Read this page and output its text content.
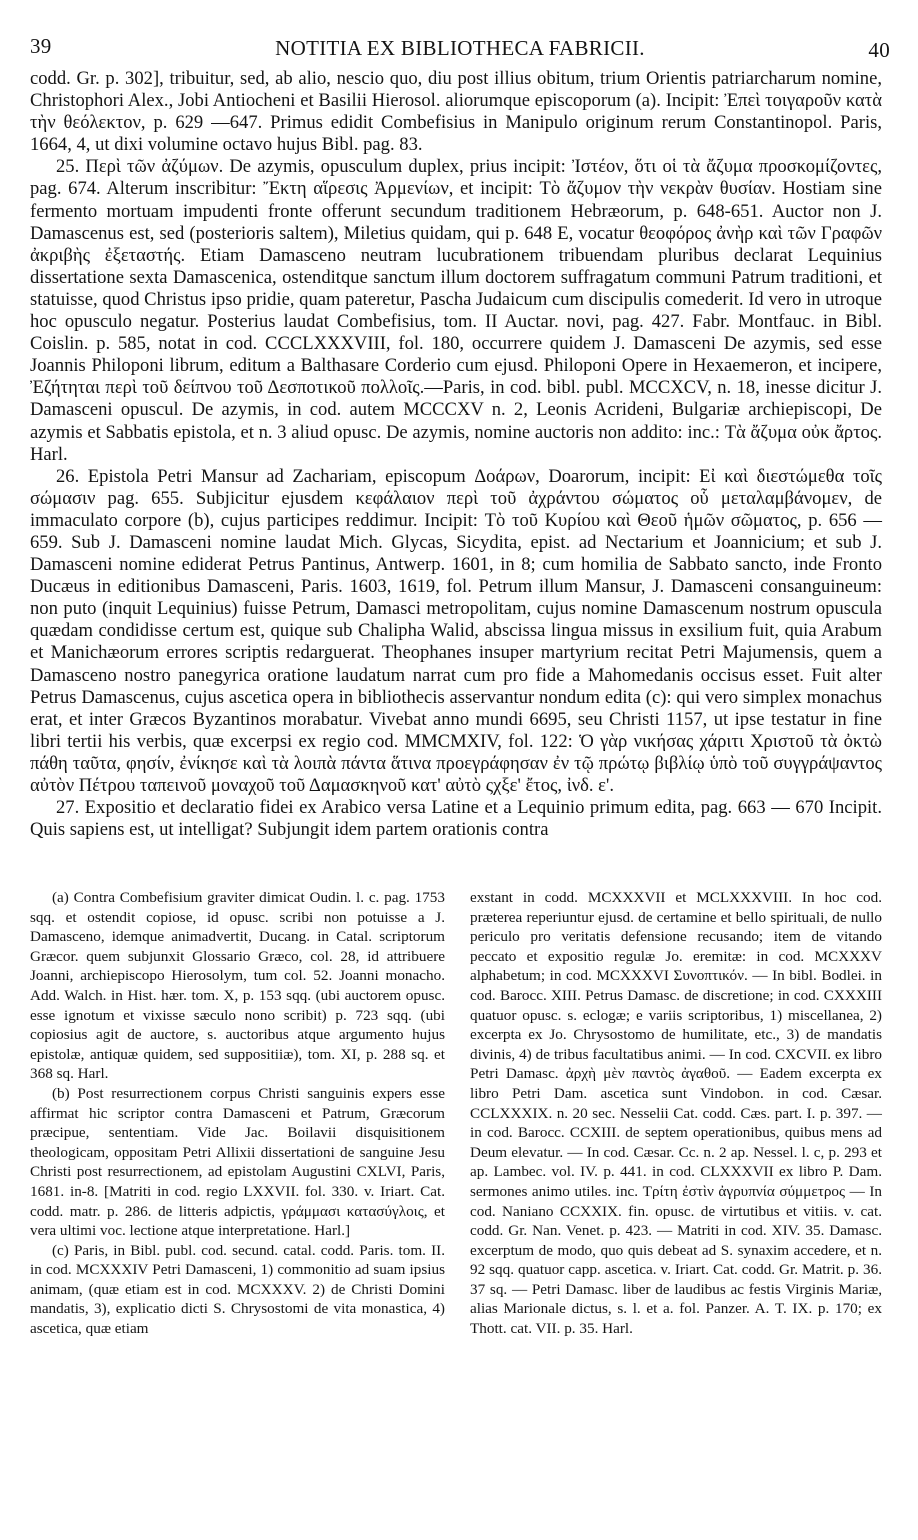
39	NOTITIA EX BIBLIOTHECA FABRICII.	40

codd. Gr. p. 302], tribuitur, sed, ab alio, nescio quo, diu post illius obitum, trium Orientis patriarcharum nomine, Christophori Alex., Jobi Antiocheni et Basilii Hierosol. aliorumque episcoporum (a). Incipit: Ἐπεὶ τοιγαροῦν κατὰ τὴν θεόλεκτον, p. 629 —647. Primus edidit Combefisius in Manipulo originum rerum Constantinopol. Paris, 1664, 4, ut dixi volumine octavo hujus Bibl. pag. 83.

25. Περὶ τῶν ἀζύμων. De azymis, opusculum duplex, prius incipit: Ἰστέον, ὅτι οἱ τὰ ἄζυμα προσκομίζοντες, pag. 674. Alterum inscribitur: Ἔκτη αἵρεσις Ἀρμενίων, et incipit: Τὸ ἄζυμον τὴν νεκρὰν θυσίαν. Hostiam sine fermento mortuam impudenti fronte offerunt secundum traditionem Hebræorum, p. 648-651. Auctor non J. Damascenus est, sed (posterioris saltem), Miletius quidam, qui p. 648 E, vocatur θεοφόρος ἀνὴρ καὶ τῶν Γραφῶν ἀκριβὴς ἐξεταστής. Etiam Damasceno neutram lucubrationem tribuendam pluribus declarat Lequinius dissertatione sexta Damascenica, ostenditque sanctum illum doctorem suffragatum communi Patrum traditioni, et statuisse, quod Christus ipso pridie, quam pateretur, Pascha Judaicum cum discipulis comederit. Id vero in utroque hoc opusculo negatur. Posterius laudat Combefisius, tom. II Auctar. novi, pag. 427. Fabr. Montfauc. in Bibl. Coislin. p. 585, notat in cod. CCCLXXXVIII, fol. 180, occurrere quidem J. Damasceni De azymis, sed esse Joannis Philoponi librum, editum a Balthasare Corderio cum ejusd. Philoponi Opere in Hexaemeron, et incipere, Ἐζήτηται περὶ τοῦ δείπνου τοῦ Δεσποτικοῦ πολλοῖς.—Paris, in cod. bibl. publ. MCCXCV, n. 18, inesse dicitur J. Damasceni opuscul. De azymis, in cod. autem MCCCXV n. 2, Leonis Acrideni, Bulgariæ archiepiscopi, De azymis et Sabbatis epistola, et n. 3 aliud opusc. De azymis, nomine auctoris non addito: inc.: Τὰ ἄζυμα οὐκ ἄρτος. Harl.

26. Epistola Petri Mansur ad Zachariam, episcopum Δοάρων, Doarorum, incipit: Εἰ καὶ διεστώμεθα τοῖς σώμασιν pag. 655. Subjicitur ejusdem κεφάλαιον περὶ τοῦ ἀχράντου σώματος οὗ μεταλαμβάνομεν, de immaculato corpore (b), cujus participes reddimur. Incipit: Τὸ τοῦ Κυρίου καὶ Θεοῦ ἡμῶν σῶματος, p. 656 — 659. Sub J. Damasceni nomine laudat Mich. Glycas, Sicydita, epist. ad Nectarium et Joannicium; et sub J. Damasceni nomine ediderat Petrus Pantinus, Antwerp. 1601, in 8; cum homilia de Sabbato sancto, inde Fronto Ducæus in editionibus Damasceni, Paris. 1603, 1619, fol. Petrum illum Mansur, J. Damasceni consanguineum: non puto (inquit Lequinius) fuisse Petrum, Damasci metropolitam, cujus nomine Damascenum nostrum opuscula quædam condidisse certum est, quique sub Chalipha Walid, abscissa lingua missus in exsilium fuit, quia Arabum et Manichæorum errores scriptis redarguerat. Theophanes insuper martyrium recitat Petri Majumensis, quem a Damasceno nostro panegyrica oratione laudatum narrat cum pro fide a Mahomedanis occisus esset. Fuit alter Petrus Damascenus, cujus ascetica opera in bibliothecis asservantur nondum edita (c): qui vero simplex monachus erat, et inter Græcos Byzantinos morabatur. Vivebat anno mundi 6695, seu Christi 1157, ut ipse testatur in fine libri tertii his verbis, quæ excerpsi ex regio cod. MMCMXIV, fol. 122: Ὁ γὰρ νικήσας χάριτι Χριστοῦ τὰ ὀκτὼ πάθη ταῦτα, φησίν, ἐνίκησε καὶ τὰ λοιπὰ πάντα ἅτινα προεγράφησαν ἐν τῷ πρώτῳ βιβλίῳ ὑπὸ τοῦ συγγράψαντος αὐτὸν Πέτρου ταπεινοῦ μοναχοῦ τοῦ Δαμασκηνοῦ κατ' αὐτὸ ςχξε' ἔτος, ἰνδ. ε'.

27. Expositio et declaratio fidei ex Arabico versa Latine et a Lequinio primum edita, pag. 663 — 670 Incipit. Quis sapiens est, ut intelligat? Subjungit idem partem orationis contra

(a) Contra Combefisium graviter dimicat Oudin. l. c. pag. 1753 sqq. et ostendit copiose, id opusc. scribi non potuisse a J. Damasceno, idemque animadvertit, Ducang. in Catal. scriptorum Græcor. quem subjunxit Glossario Græco, col. 28, id attribuere Joanni, archiepiscopo Hierosolym, tum col. 52. Joanni monacho. Add. Walch. in Hist. hær. tom. X, p. 153 sqq. (ubi auctorem opusc. esse ignotum et vixisse sæculo nono scribit) p. 723 sqq. (ubi copiosius agit de auctore, s. auctoribus atque argumento hujus epistolæ, antiquæ quidem, sed suppositiiæ), tom. XI, p. 288 sq. et 368 sq. Harl.

(b) Post resurrectionem corpus Christi sanguinis expers esse affirmat hic scriptor contra Damasceni et Patrum, Græcorum præcipue, sententiam. Vide Jac. Boilavii disquisitionem theologicam, oppositam Petri Allixii dissertationi de sanguine Jesu Christi post resurrectionem, ad epistolam Augustini CXLVI, Paris, 1681. in-8. [Matriti in cod. regio LXXVII. fol. 330. v. Iriart. Cat. codd. matr. p. 286. de litteris adpictis, γράμμασι κατασύγλοις, et vera ultimi voc. lectione atque interpretatione. Harl.]

(c) Paris, in Bibl. publ. cod. secund. catal. codd. Paris. tom. II. in cod. MCXXXIV Petri Damasceni, 1) commonitio ad suam ipsius animam, (quæ etiam est in cod. MCXXXV. 2) de Christi Domini mandatis, 3), explicatio dicti S. Chrysostomi de vita monastica, 4) ascetica, quæ etiam

exstant in codd. MCXXXVII et MCLXXXVIII. In hoc cod. præterea reperiuntur ejusd. de certamine et bello spirituali, de nullo periculo pro veritatis defensione recusando; item de vitando peccato et expositio regulæ Jo. eremitæ: in cod. MCXXXV alphabetum; in cod. MCXXXVI Συνοπτικόν. — In bibl. Bodlei. in cod. Barocc. XIII. Petrus Damasc. de discretione; in cod. CXXXIII quatuor opusc. s. eclogæ; e variis scriptoribus, 1) miscellanea, 2) excerpta ex Jo. Chrysostomo de humilitate, etc., 3) de mandatis divinis, 4) de tribus facultatibus animi. — In cod. CXCVII. ex libro Petri Damasc. ἀρχὴ μὲν παντὸς ἀγαθοῦ. — Eadem excerpta ex libro Petri Dam. ascetica sunt Vindobon. in cod. Cæsar. CCLXXXIX. n. 20 sec. Nesselii Cat. codd. Cæs. part. I. p. 397. — in cod. Barocc. CCXIII. de septem operationibus, quibus mens ad Deum elevatur. — In cod. Cæsar. Cc. n. 2 ap. Nessel. l. c, p. 293 et ap. Lambec. vol. IV. p. 441. in cod. CLXXXVII ex libro P. Dam. sermones animo utiles. inc. Τρίτη ἐστὶν ἀγρυπνία σύμμετρος — In cod. Naniano CCXXIX. fin. opusc. de virtutibus et vitiis. v. cat. codd. Gr. Nan. Venet. p. 423. — Matriti in cod. XIV. 35. Damasc. excerptum de modo, quo quis debeat ad S. synaxim accedere, et n. 92 sqq. quatuor capp. ascetica. v. Iriart. Cat. codd. Gr. Matrit. p. 36. 37 sq. — Petri Damasc. liber de laudibus ac festis Virginis Mariæ, alias Marionale dictus, s. l. et a. fol. Panzer. A. T. IX. p. 170; ex Thott. cat. VII. p. 35. Harl.
